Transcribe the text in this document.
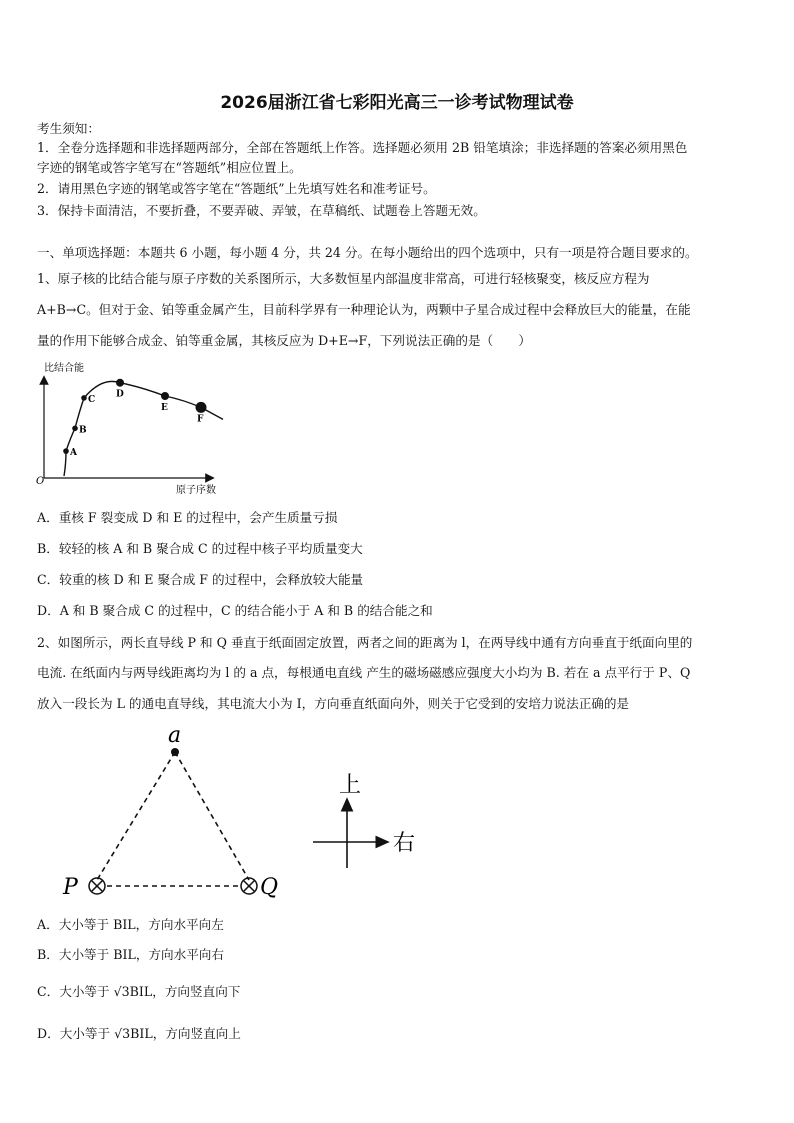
2026届浙江省七彩阳光高三一诊考试物理试卷
考生须知：
1．全卷分选择题和非选择题两部分，全部在答题纸上作答。选择题必须用 2B 铅笔填涂；非选择题的答案必须用黑色
字迹的钢笔或答字笔写在“答题纸”相应位置上。
2．请用黑色字迹的钢笔或答字笔在“答题纸”上先填写姓名和准考证号。
3．保持卡面清洁，不要折叠，不要弄破、弄皱，在草稿纸、试题卷上答题无效。
一、单项选择题：本题共 6 小题，每小题 4 分，共 24 分。在每小题给出的四个选项中，只有一项是符合题目要求的。
1、原子核的比结合能与原子序数的关系图所示，大多数恒星内部温度非常高，可进行轻核聚变，核反应方程为
A+B→C。但对于金、铂等重金属产生，目前科学界有一种理论认为，两颗中子星合成过程中会释放巨大的能量，在能
量的作用下能够合成金、铂等重金属，其核反应为 D+E→F，下列说法正确的是（　　）
比结合能
原子序数
O
A
B
C
D
E
F
A．重核 F 裂变成 D 和 E 的过程中，会产生质量亏损
B．较轻的核 A 和 B 聚合成 C 的过程中核子平均质量变大
C．较重的核 D 和 E 聚合成 F 的过程中，会释放较大能量
D．A 和 B 聚合成 C 的过程中，C 的结合能小于 A 和 B 的结合能之和
2、如图所示，两长直导线 P 和 Q 垂直于纸面固定放置，两者之间的距离为 l，在两导线中通有方向垂直于纸面向里的
电流. 在纸面内与两导线距离均为 l 的 a 点，每根通电直线 产生的磁场磁感应强度大小均为 B. 若在 a 点平行于 P、Q
放入一段长为 L 的通电直导线，其电流大小为 I，方向垂直纸面向外，则关于它受到的安培力说法正确的是
a
P	Q
上
右
A．大小等于 BIL，方向水平向左
B．大小等于 BIL，方向水平向右
C．大小等于 √3BIL，方向竖直向下
D．大小等于 √3BIL，方向竖直向上
